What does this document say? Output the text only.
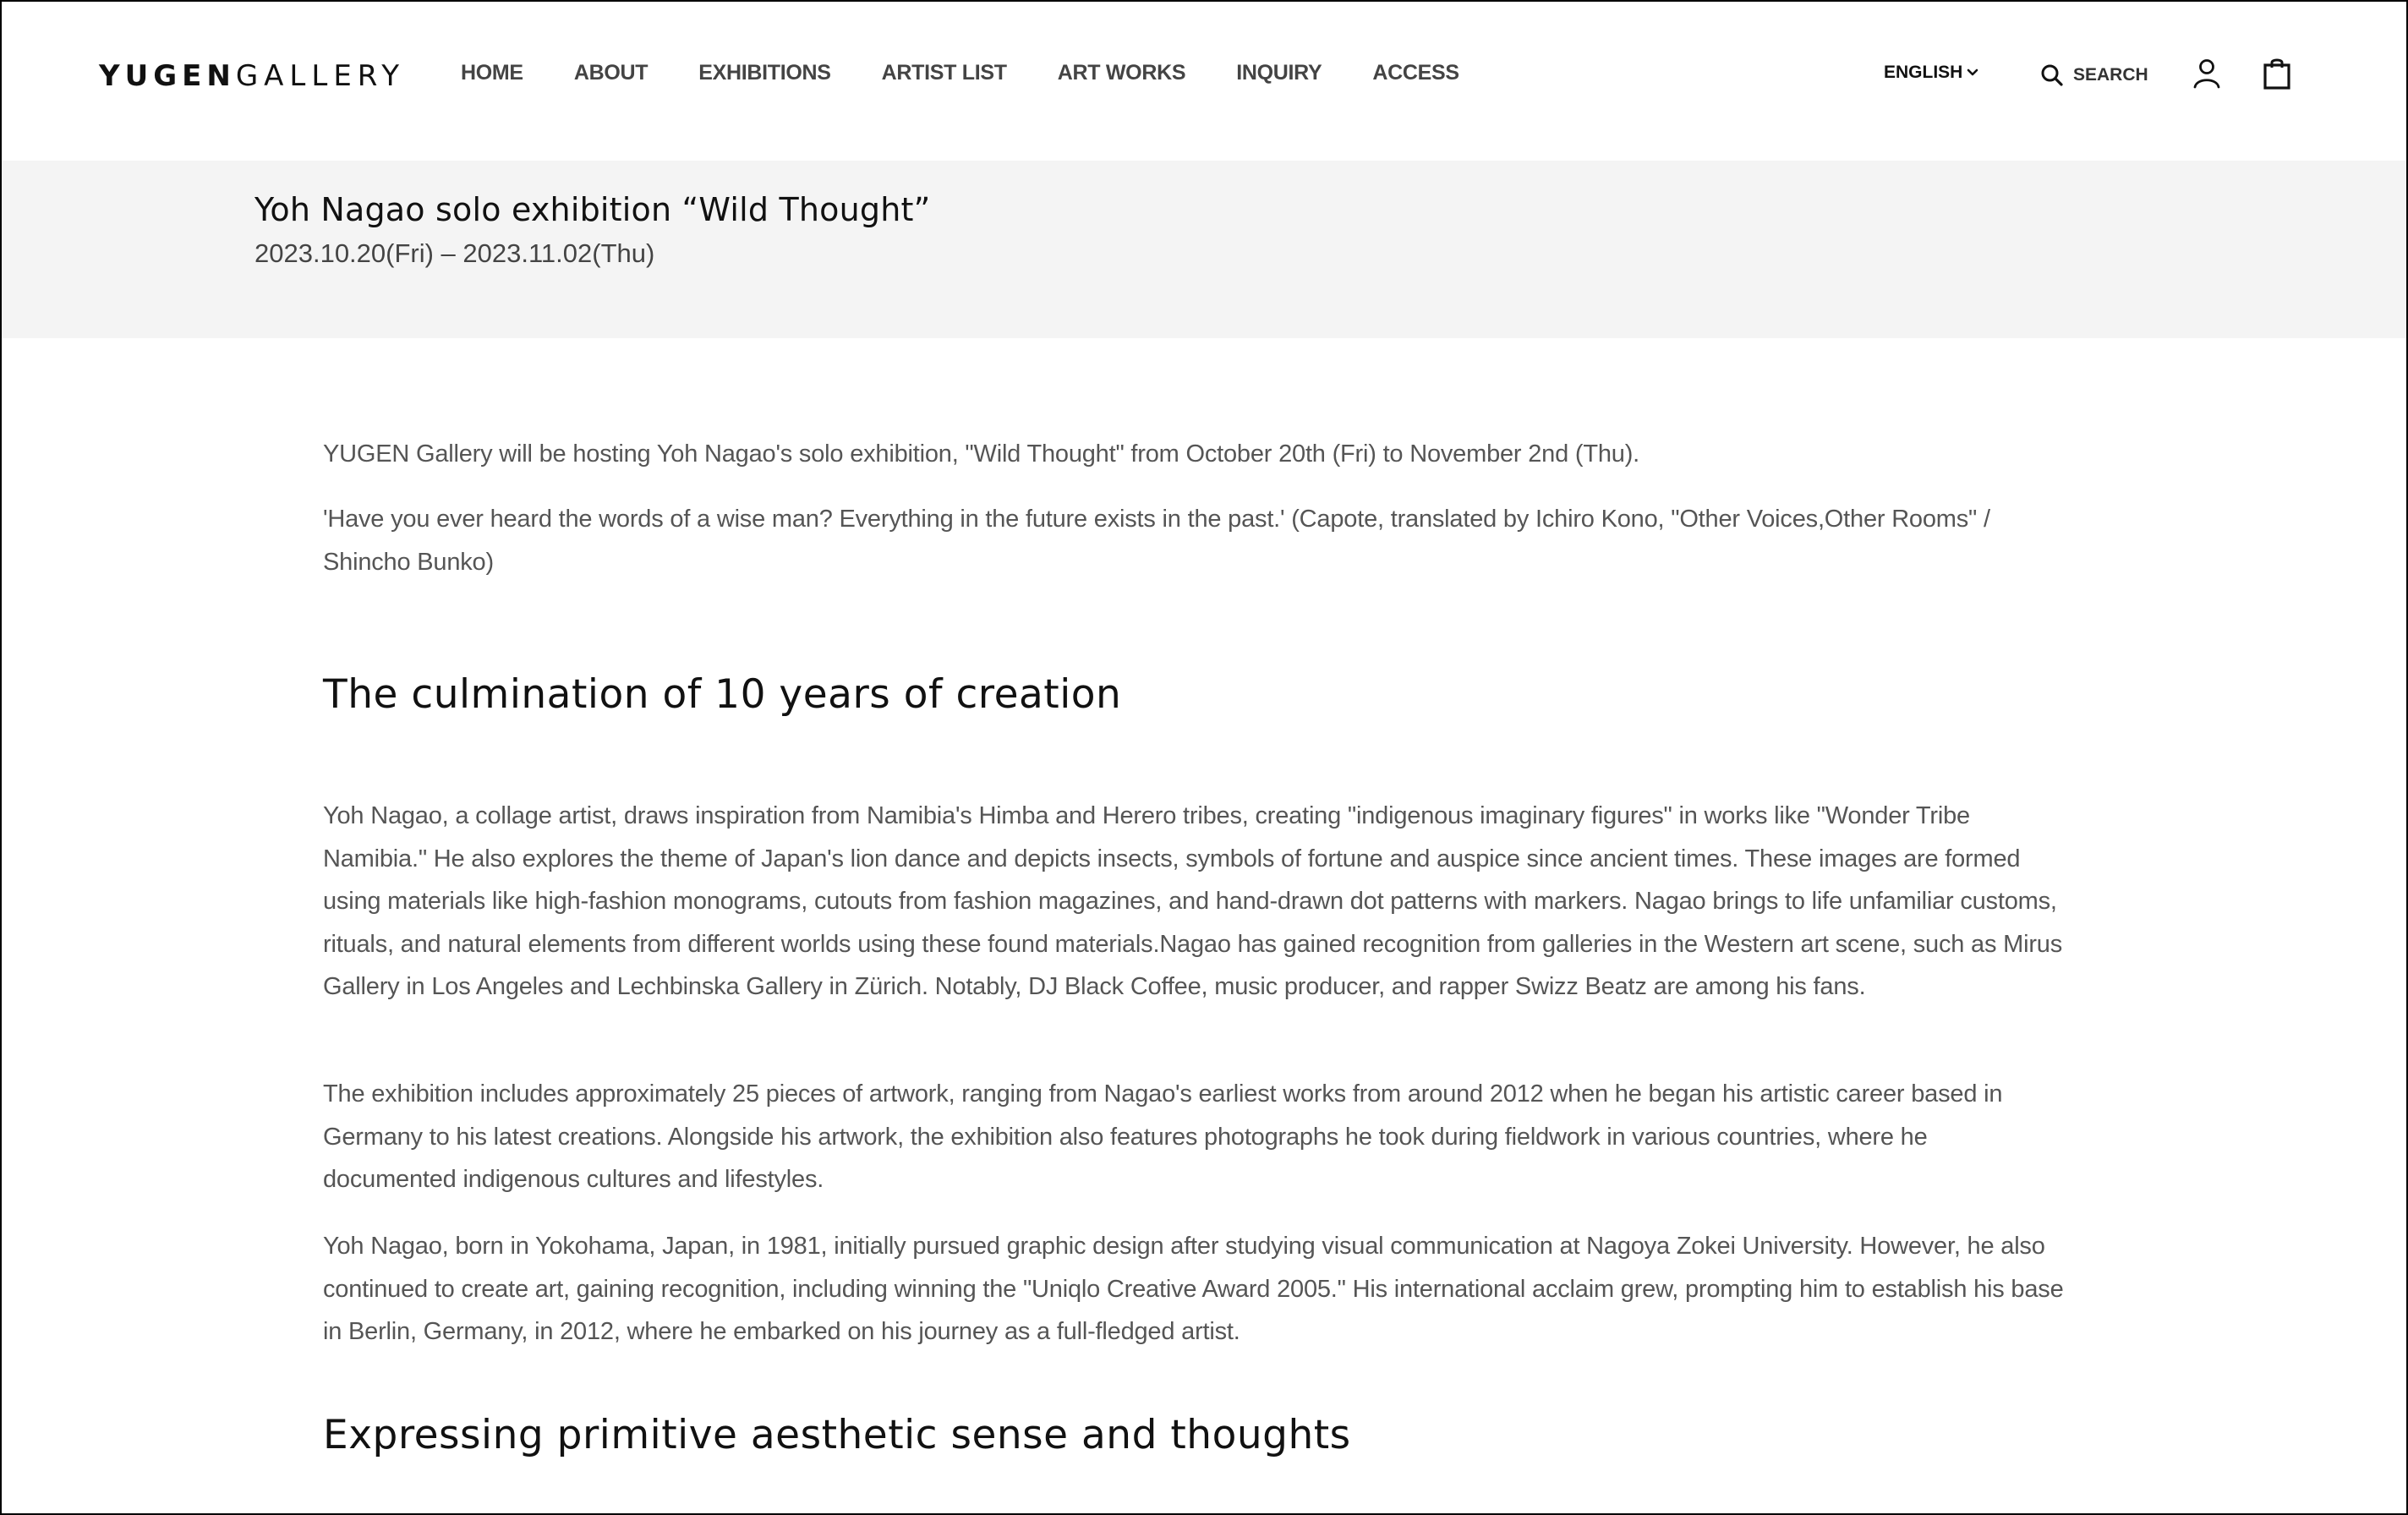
YUGENGALLERY	HOME ABOUT EXHIBITIONS ARTIST LIST ART WORKS INQUIRY ACCESS	ENGLISH	SEARCH
Yoh Nagao solo exhibition “Wild Thought”
2023.10.20(Fri) – 2023.11.02(Thu)

YUGEN Gallery will be hosting Yoh Nagao's solo exhibition, "Wild Thought" from October 20th (Fri) to November 2nd (Thu).

'Have you ever heard the words of a wise man? Everything in the future exists in the past.' (Capote, translated by Ichiro Kono, "Other Voices,Other Rooms" / Shincho Bunko)

The culmination of 10 years of creation

Yoh Nagao, a collage artist, draws inspiration from Namibia's Himba and Herero tribes, creating "indigenous imaginary figures" in works like "Wonder Tribe Namibia." He also explores the theme of Japan's lion dance and depicts insects, symbols of fortune and auspice since ancient times. These images are formed using materials like high-fashion monograms, cutouts from fashion magazines, and hand-drawn dot patterns with markers. Nagao brings to life unfamiliar customs, rituals, and natural elements from different worlds using these found materials.Nagao has gained recognition from galleries in the Western art scene, such as Mirus Gallery in Los Angeles and Lechbinska Gallery in Zürich. Notably, DJ Black Coffee, music producer, and rapper Swizz Beatz are among his fans.

The exhibition includes approximately 25 pieces of artwork, ranging from Nagao's earliest works from around 2012 when he began his artistic career based in Germany to his latest creations. Alongside his artwork, the exhibition also features photographs he took during fieldwork in various countries, where he documented indigenous cultures and lifestyles.

Yoh Nagao, born in Yokohama, Japan, in 1981, initially pursued graphic design after studying visual communication at Nagoya Zokei University. However, he also continued to create art, gaining recognition, including winning the "Uniqlo Creative Award 2005." His international acclaim grew, prompting him to establish his base in Berlin, Germany, in 2012, where he embarked on his journey as a full-fledged artist.

Expressing primitive aesthetic sense and thoughts
